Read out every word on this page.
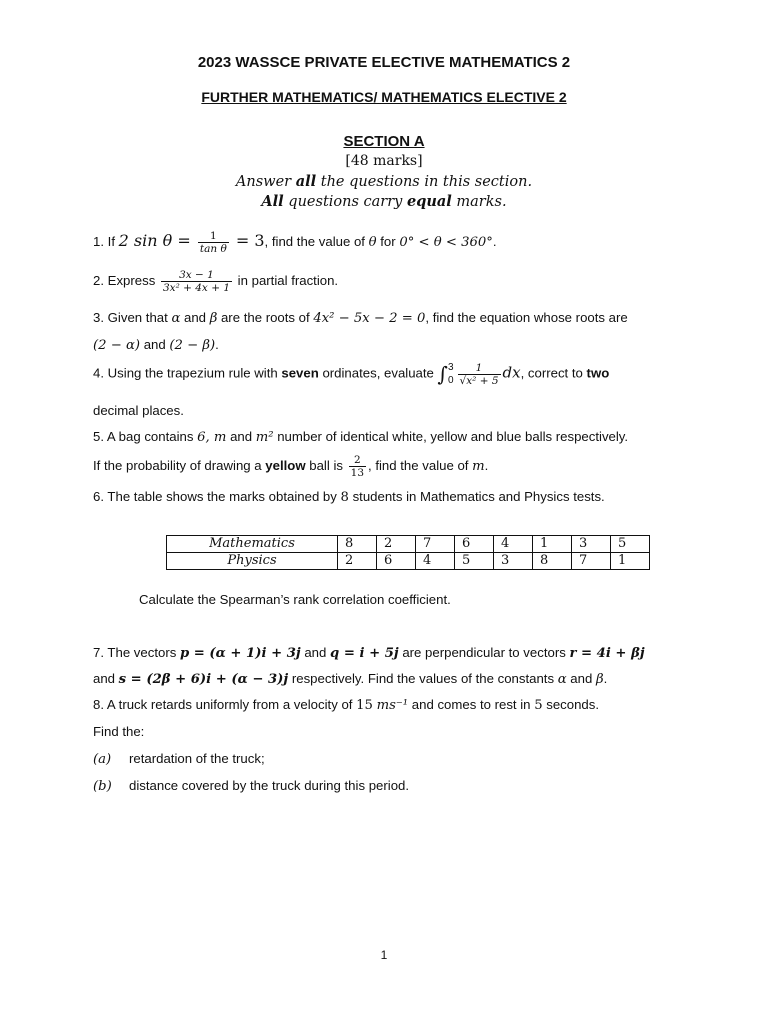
2023 WASSCE PRIVATE ELECTIVE MATHEMATICS 2
FURTHER MATHEMATICS/ MATHEMATICS ELECTIVE 2
SECTION A
[48 marks]
Answer all the questions in this section.
All questions carry equal marks.
1. If 2 $\sin \theta = \frac{1}{\text{tan θ}} = 3$, find the value of θ for 0° < θ < 360°.
2. Express $\frac{3x - 1}{\text{3x² + 4x + 1}}$ in partial fraction.
3. Given that α and β are the roots of 4x² − 5x − 2 = 0, find the equation whose roots are
(2 − α) and (2 − β).
4. Using the trapezium rule with seven ordinates, evaluate ∫ 3
$0 \frac{1}{\text{√x² + 5}}$ dx, correct to two
decimal places.
5. A bag contains 6, m and m² number of identical white, yellow and blue balls respectively.
If the probability of drawing a yellow ball is $\frac{2}{13}$ , find the value of m.
6. The table shows the marks obtained by 8 students in Mathematics and Physics tests.
Mathematics	8	2	7	6	4	1	3	5
Physics	2	6	4	5	3	8	7	1
Calculate the Spearman’s rank correlation coefficient.
7. The vectors p = (α + 1)i + 3j and q = i + 5j are perpendicular to vectors r = 4i + βj
and s = (2β + 6)i + (α − 3)j respectively. Find the values of the constants α and β.
8. A truck retards uniformly from a velocity of 15 ms⁻¹ and comes to rest in 5 seconds.
Find the:
(a) retardation of the truck;
(b) distance covered by the truck during this period.
1
